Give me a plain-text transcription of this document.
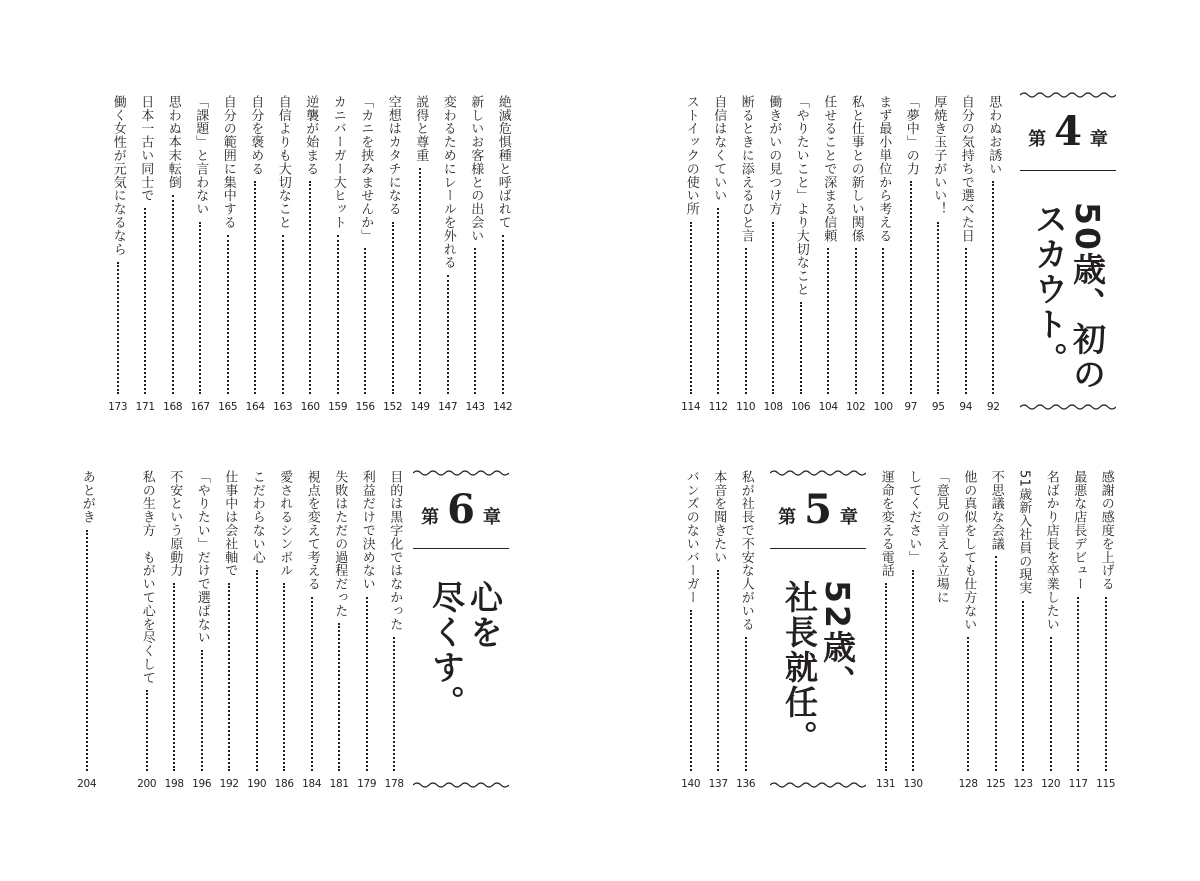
第 4 章
50歳、初の
スカウト。
思わぬお誘い
92
自分の気持ちで選べた日
94
厚焼き玉子がいい！
95
「夢中」の力
97
まず最小単位から考える
100
私と仕事との新しい関係
102
任せることで深まる信頼
104
「やりたいこと」より大切なこと
106
働きがいの見つけ方
108
断るときに添えるひと言
110
自信はなくていい
112
ストイックの使い所
114
絶滅危惧種と呼ばれて
142
新しいお客様との出会い
143
変わるためにレールを外れる
147
説得と尊重
149
空想はカタチになる
152
「カニを挟みませんか」
156
カニバーガー大ヒット
159
逆襲が始まる
160
自信よりも大切なこと
163
自分を褒める
164
自分の範囲に集中する
165
「課題」と言わない
167
思わぬ本末転倒
168
日本一古い同士で
171
働く女性が元気になるなら
173
感謝の感度を上げる
115
最悪な店長デビュー
117
名ばかり店長を卒業したい
120
51歳新入社員の現実
123
不思議な会議
125
他の真似をしても仕方ない
128
「意見の言える立場に
してください」
130
運命を変える電話
131
第 5 章
52歳、
社長就任。
私が社長で不安な人がいる
136
本音を聞きたい
137
バンズのないバーガー
140
第 6 章
心を
尽くす。
目的は黒字化ではなかった
178
利益だけで決めない
179
失敗はただの過程だった
181
視点を変えて考える
184
愛されるシンボル
186
こだわらない心
190
仕事中は会社軸で
192
「やりたい」だけで選ばない
196
不安という原動力
198
私の生き方　もがいて心を尽くして
200
あとがき
204
